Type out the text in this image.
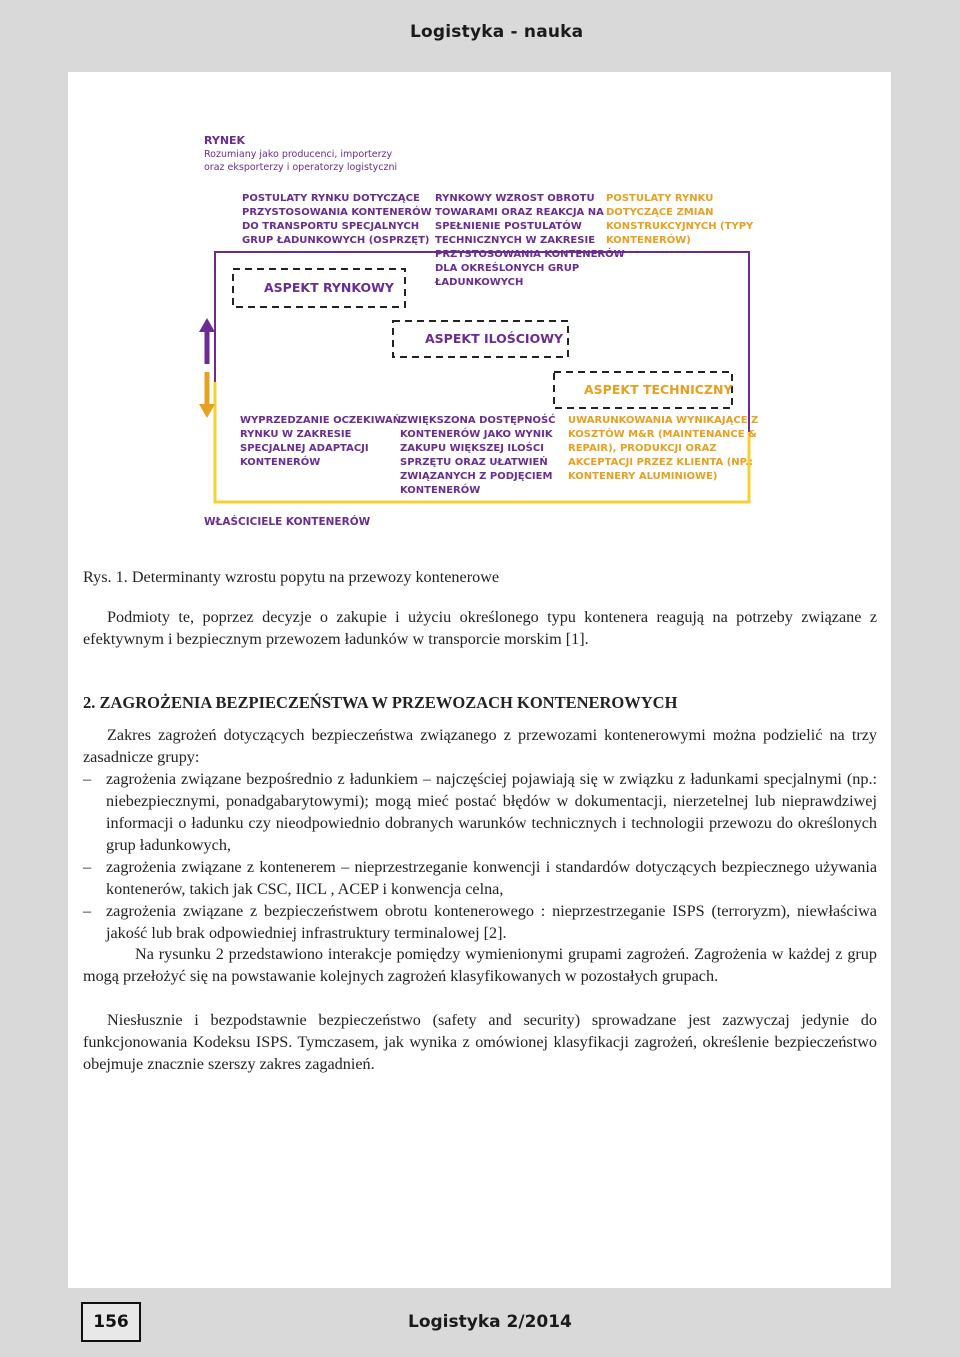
Logistyka - nauka
RYNEK
Rozumiany jako producenci, importerzy
oraz eksporterzy i operatorzy logistyczni
POSTULATY RYNKU DOTYCZĄCE
PRZYSTOSOWANIA KONTENERÓW
DO TRANSPORTU SPECJALNYCH
GRUP ŁADUNKOWYCH (OSPRZĘT)
RYNKOWY WZROST OBROTU
TOWARAMI ORAZ REAKCJA NA
SPEŁNIENIE POSTULATÓW
TECHNICZNYCH W ZAKRESIE
PRZYSTOSOWANIA KONTENERÓW
DLA OKREŚLONYCH GRUP
ŁADUNKOWYCH
POSTULATY RYNKU
DOTYCZĄCE ZMIAN
KONSTRUKCYJNYCH (TYPY
KONTENERÓW)
ASPEKT RYNKOWY
ASPEKT ILOŚCIOWY
ASPEKT TECHNICZNY
WYPRZEDZANIE OCZEKIWAŃ
RYNKU W ZAKRESIE
SPECJALNEJ ADAPTACJI
KONTENERÓW
ZWIĘKSZONA DOSTĘPNOŚĆ
KONTENERÓW JAKO WYNIK
ZAKUPU WIĘKSZEJ ILOŚCI
SPRZĘTU ORAZ UŁATWIEŃ
ZWIĄZANYCH Z PODJĘCIEM
KONTENERÓW
UWARUNKOWANIA WYNIKAJĄCE Z
KOSZTÓW M&R (MAINTENANCE &
REPAIR), PRODUKCJI ORAZ
AKCEPTACJI PRZEZ KLIENTA (NP.:
KONTENERY ALUMINIOWE)
WŁAŚCICIELE KONTENERÓW
Rys. 1. Determinanty wzrostu popytu na przewozy kontenerowe
Podmioty te, poprzez decyzje o zakupie i użyciu określonego typu kontenera reagują na potrzeby związane z efektywnym i bezpiecznym przewozem ładunków w transporcie morskim [1].
2. ZAGROŻENIA BEZPIECZEŃSTWA W PRZEWOZACH KONTENEROWYCH
Zakres zagrożeń dotyczących bezpieczeństwa związanego z przewozami kontenerowymi można podzielić na trzy zasadnicze grupy:
– zagrożenia związane bezpośrednio z ładunkiem – najczęściej pojawiają się w związku z ładunkami specjalnymi (np.: niebezpiecznymi, ponadgabarytowymi); mogą mieć postać błędów w dokumentacji, nierzetelnej lub nieprawdziwej informacji o ładunku czy nieodpowiednio dobranych warunków technicznych i technologii przewozu do określonych grup ładunkowych,
– zagrożenia związane z kontenerem – nieprzestrzeganie konwencji i standardów dotyczących bezpiecznego używania kontenerów, takich jak CSC, IICL , ACEP i konwencja celna,
– zagrożenia związane z bezpieczeństwem obrotu kontenerowego : nieprzestrzeganie ISPS (terroryzm), niewłaściwa jakość lub brak odpowiedniej infrastruktury terminalowej [2].
Na rysunku 2 przedstawiono interakcje pomiędzy wymienionymi grupami zagrożeń. Zagrożenia w każdej z grup mogą przełożyć się na powstawanie kolejnych zagrożeń klasyfikowanych w pozostałych grupach.
Niesłusznie i bezpodstawnie bezpieczeństwo (safety and security) sprowadzane jest zazwyczaj jedynie do funkcjonowania Kodeksu ISPS. Tymczasem, jak wynika z omówionej klasyfikacji zagrożeń, określenie bezpieczeństwo obejmuje znacznie szerszy zakres zagadnień.
156	Logistyka 2/2014
